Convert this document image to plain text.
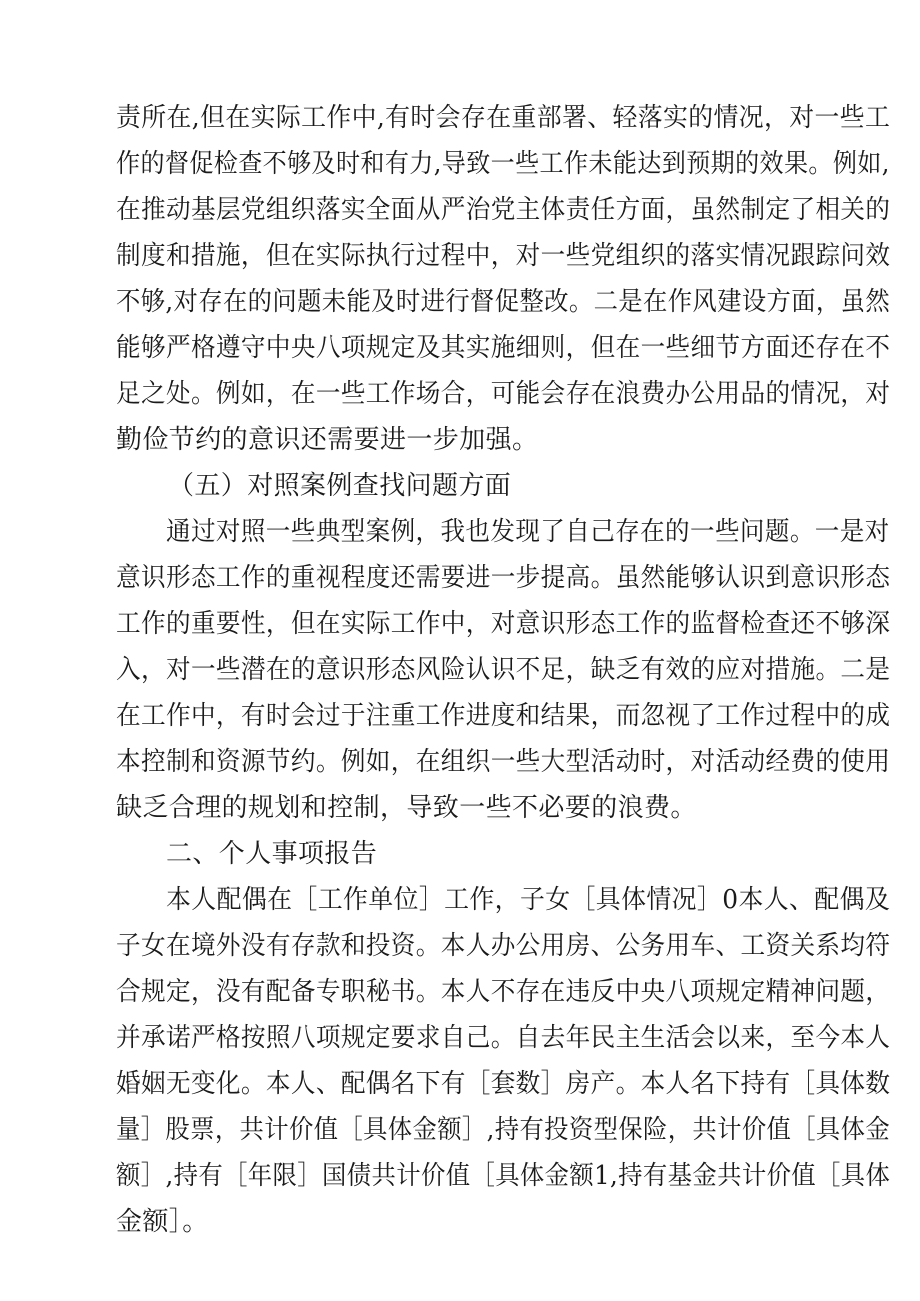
责所在,但在实际工作中,有时会存在重部署、轻落实的情况，对一些工
作的督促检查不够及时和有力,导致一些工作未能达到预期的效果。例如,
在推动基层党组织落实全面从严治党主体责任方面，虽然制定了相关的
制度和措施，但在实际执行过程中，对一些党组织的落实情况跟踪问效
不够,对存在的问题未能及时进行督促整改。二是在作风建设方面，虽然
能够严格遵守中央八项规定及其实施细则，但在一些细节方面还存在不
足之处。例如，在一些工作场合，可能会存在浪费办公用品的情况，对
勤俭节约的意识还需要进一步加强。
（五）对照案例查找问题方面
通过对照一些典型案例，我也发现了自己存在的一些问题。一是对
意识形态工作的重视程度还需要进一步提高。虽然能够认识到意识形态
工作的重要性，但在实际工作中，对意识形态工作的监督检查还不够深
入，对一些潜在的意识形态风险认识不足，缺乏有效的应对措施。二是
在工作中，有时会过于注重工作进度和结果，而忽视了工作过程中的成
本控制和资源节约。例如，在组织一些大型活动时，对活动经费的使用
缺乏合理的规划和控制，导致一些不必要的浪费。
二、个人事项报告
本人配偶在［工作单位］工作，子女［具体情况］0本人、配偶及
子女在境外没有存款和投资。本人办公用房、公务用车、工资关系均符
合规定，没有配备专职秘书。本人不存在违反中央八项规定精神问题，
并承诺严格按照八项规定要求自己。自去年民主生活会以来，至今本人
婚姻无变化。本人、配偶名下有［套数］房产。本人名下持有［具体数
量］股票，共计价值［具体金额］,持有投资型保险，共计价值［具体金
额］,持有［年限］国债共计价值［具体金额1,持有基金共计价值［具体
金额］。
